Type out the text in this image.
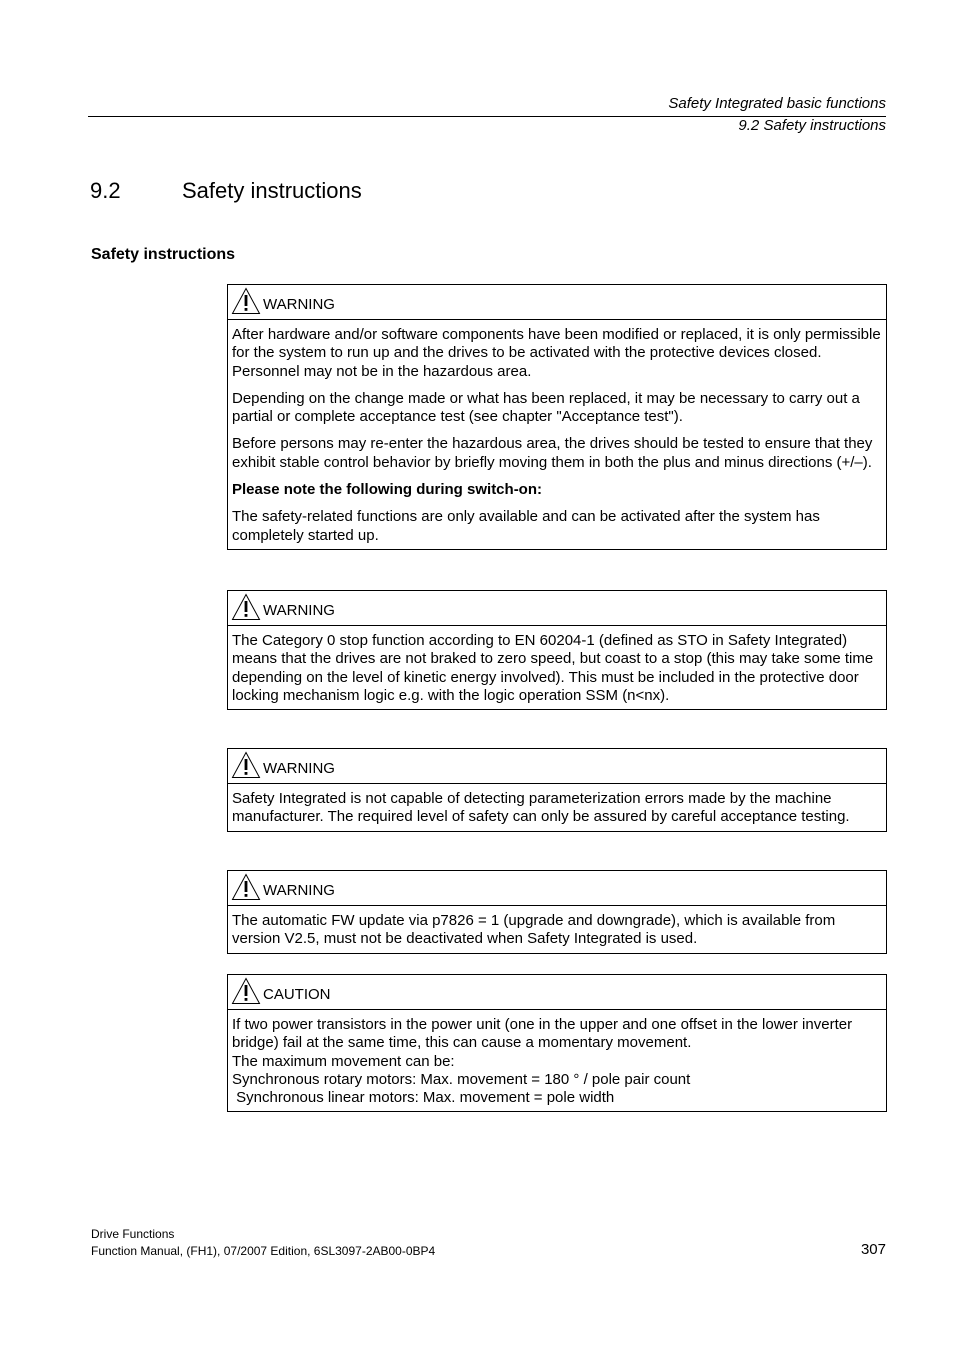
Safety Integrated basic functions
9.2 Safety instructions
9.2	Safety instructions
Safety instructions
WARNING

After hardware and/or software components have been modified or replaced, it is only permissible for the system to run up and the drives to be activated with the protective devices closed. Personnel may not be in the hazardous area.

Depending on the change made or what has been replaced, it may be necessary to carry out a partial or complete acceptance test (see chapter "Acceptance test").

Before persons may re-enter the hazardous area, the drives should be tested to ensure that they exhibit stable control behavior by briefly moving them in both the plus and minus directions (+/–).

Please note the following during switch-on:

The safety-related functions are only available and can be activated after the system has completely started up.

WARNING

The Category 0 stop function according to EN 60204-1 (defined as STO in Safety Integrated) means that the drives are not braked to zero speed, but coast to a stop (this may take some time depending on the level of kinetic energy involved). This must be included in the protective door locking mechanism logic e.g. with the logic operation SSM (n<nx).

WARNING

Safety Integrated is not capable of detecting parameterization errors made by the machine manufacturer. The required level of safety can only be assured by careful acceptance testing.

WARNING

The automatic FW update via p7826 = 1 (upgrade and downgrade), which is available from version V2.5, must not be deactivated when Safety Integrated is used.

CAUTION

If two power transistors in the power unit (one in the upper and one offset in the lower inverter bridge) fail at the same time, this can cause a momentary movement.

The maximum movement can be:

Synchronous rotary motors: Max. movement = 180 ° / pole pair count

Synchronous linear motors: Max. movement = pole width

Drive Functions
Function Manual, (FH1), 07/2007 Edition, 6SL3097-2AB00-0BP4	307
